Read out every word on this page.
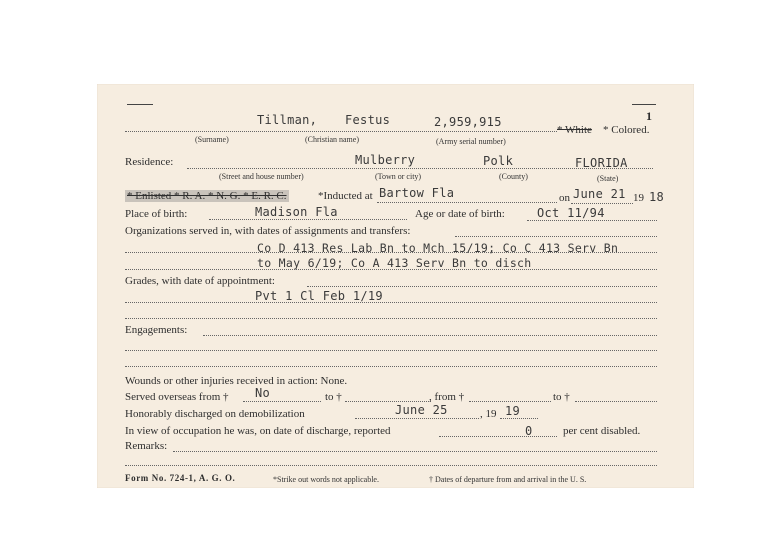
1
Tillman, Festus	2,959,915
* White * Colored.
(Surname)	(Christian name)	(Army serial number)
Residence:	Mulberry	Polk	FLORIDA
(Street and house number)	(Town or city)	(County)	(State)
* Enlisted * R. A. * N. G. * E. R. C.	*Inducted at Bartow Fla	on June 21 19 18
Place of birth:	Madison Fla	Age or date of birth:	Oct 11/94
Organizations served in, with dates of assignments and transfers:
Co D 413 Res Lab Bn to Mch 15/19; Co C 413 Serv Bn
to May 6/19; Co A 413 Serv Bn to disch
Grades, with date of appointment:
Pvt 1 Cl Feb 1/19
Engagements:
Wounds or other injuries received in action: None.
Served overseas from † No	to †	, from †	to †
Honorably discharged on demobilization	June 25	, 19 19
In view of occupation he was, on date of discharge, reported	0	per cent disabled.
Remarks:
Form No. 724-1, A. G. O.	*Strike out words not applicable.	† Dates of departure from and arrival in the U. S.
